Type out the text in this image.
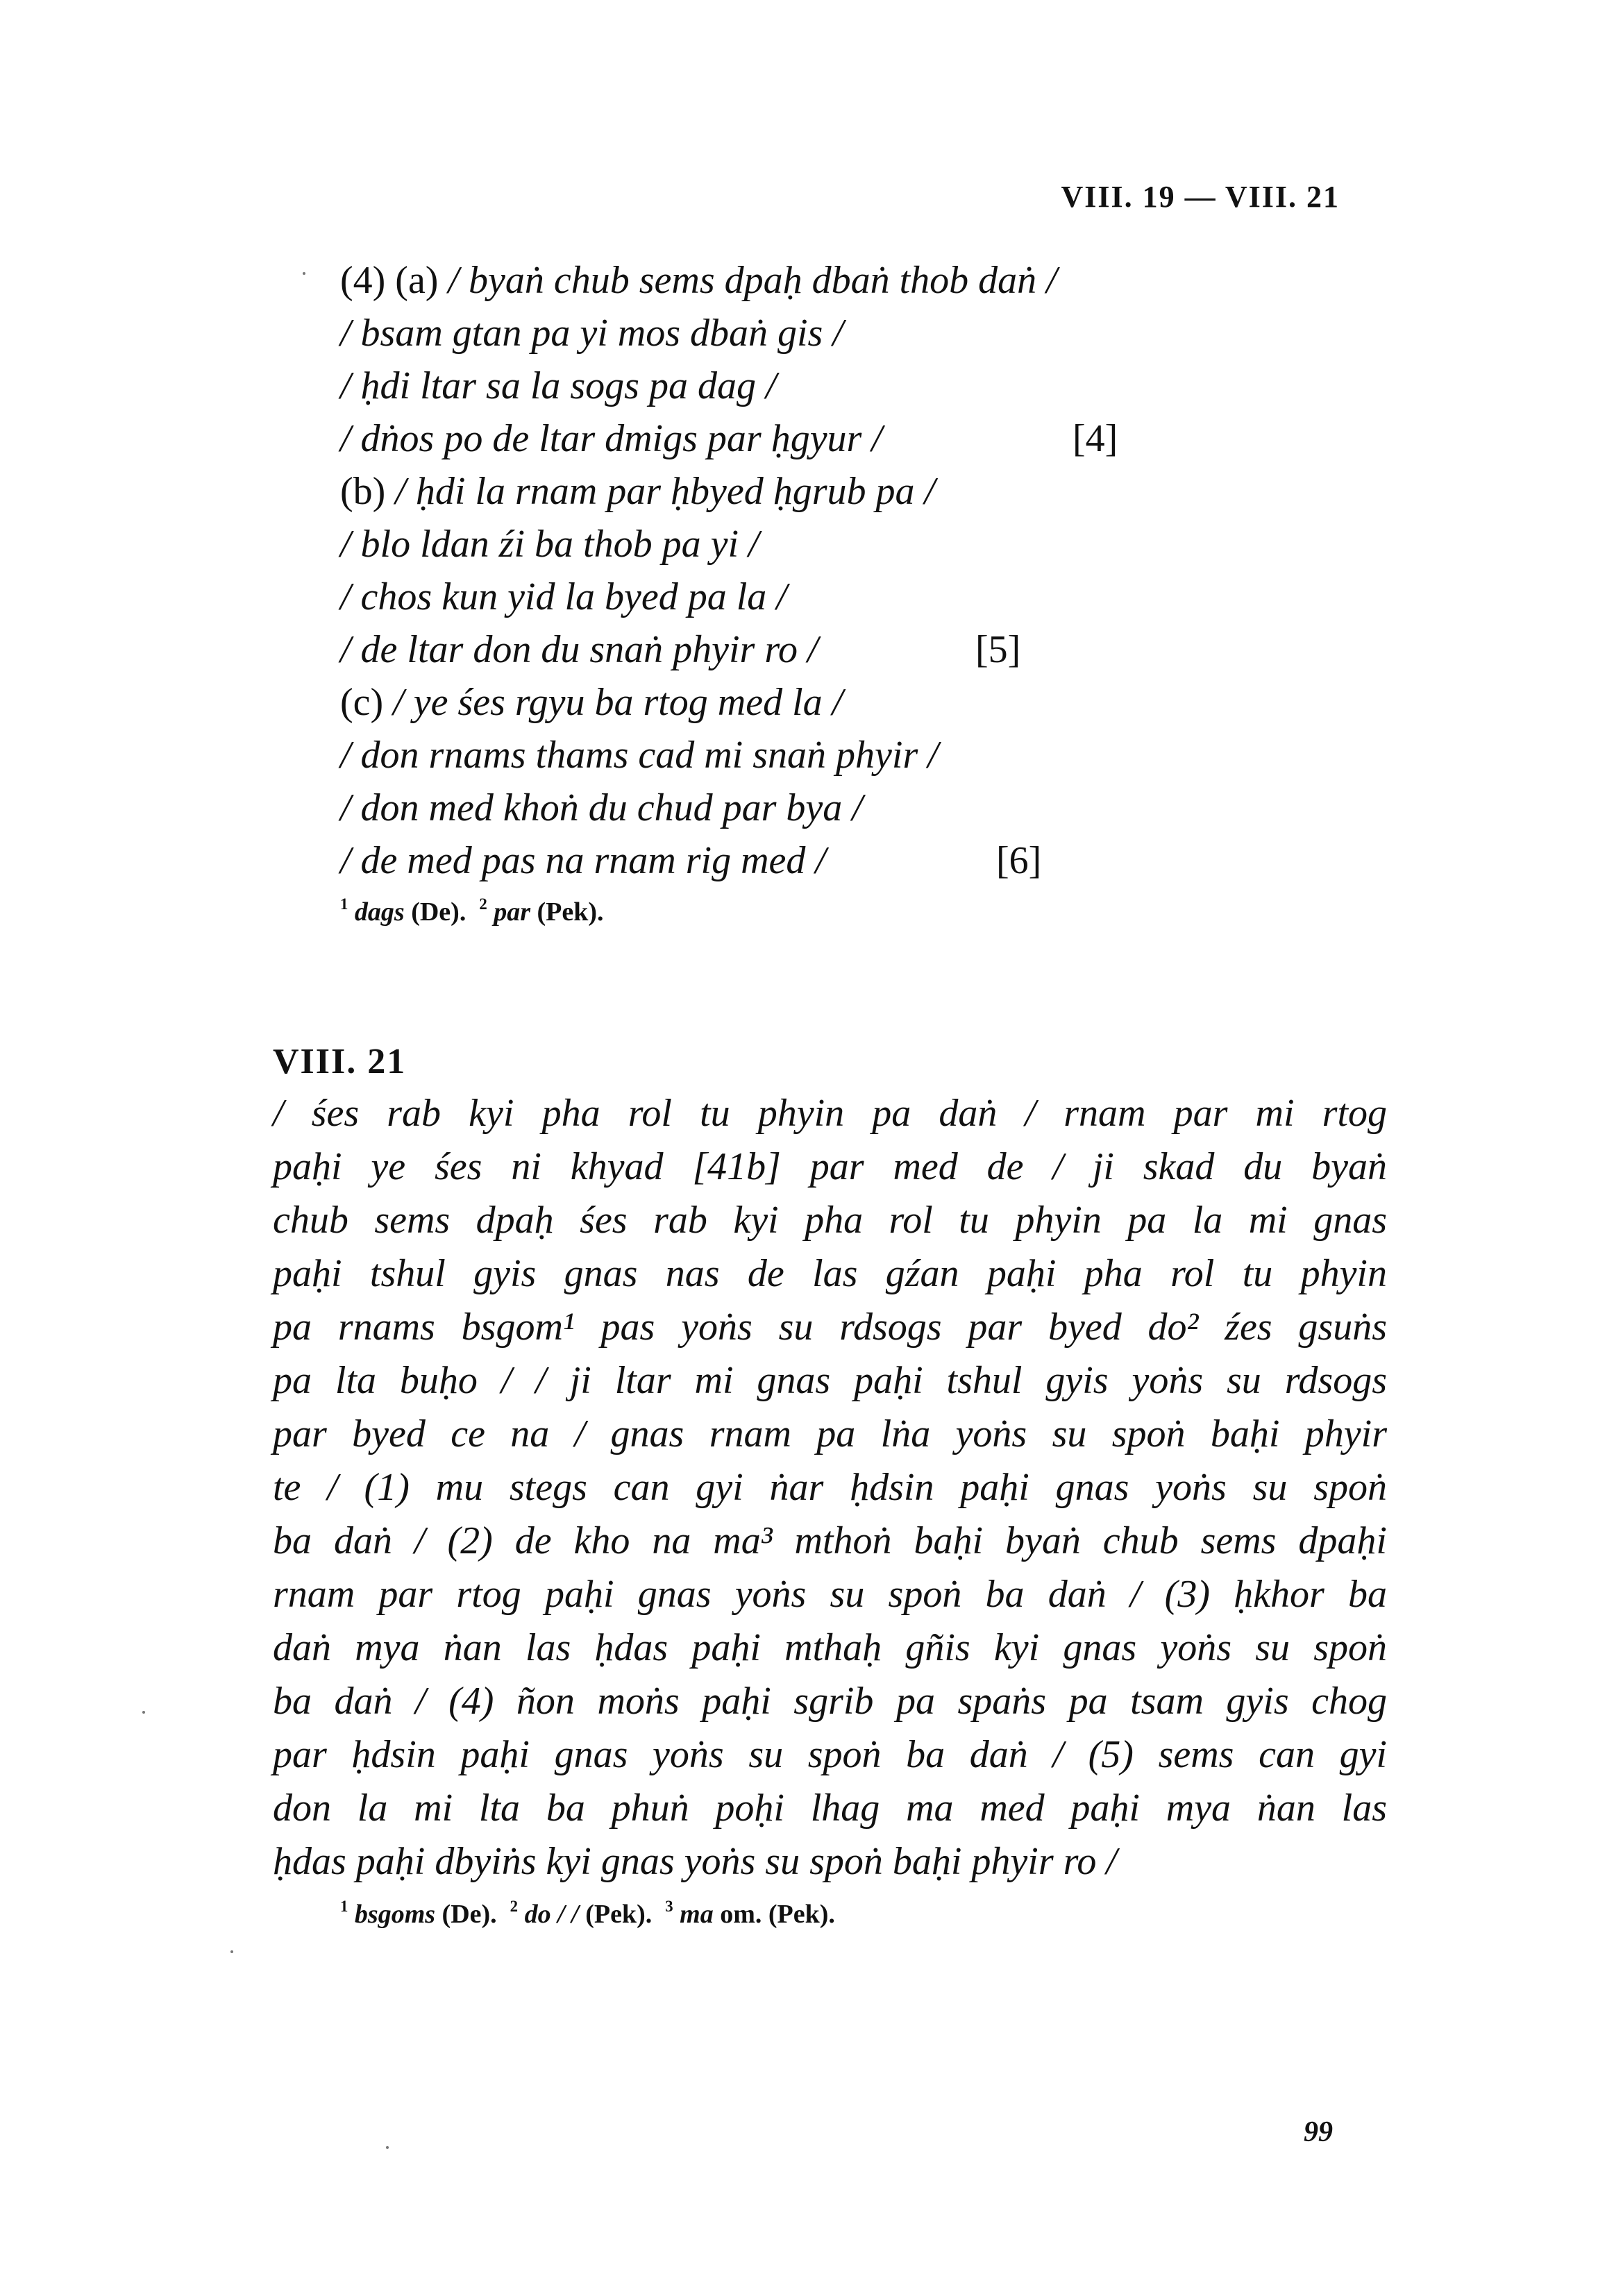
VIII. 19 — VIII. 21
(4) (a) / byaṅ chub sems dpaḥ dbaṅ thob daṅ /
/ bsam gtan pa yi mos dbaṅ gis /
/ ḥdi ltar sa la sogs pa dag /
/ dṅos po de ltar dmigs par ḥgyur /	[4]
(b) / ḥdi la rnam par ḥbyed ḥgrub pa /
/ blo ldan źi ba thob pa yi /
/ chos kun yid la byed pa la /
/ de ltar don du snaṅ phyir ro /	[5]
(c) / ye śes rgyu ba rtog med la /
/ don rnams thams cad mi snaṅ phyir /
/ don med khoṅ du chud par bya /
/ de med pas na rnam rig med /	[6]
$^1$ dags (De). $^2$ par (Pek).
VIII. 21
/ śes rab kyi pha rol tu phyin pa daṅ / rnam par mi rtog
paḥi ye śes ni khyad [41b] par med de / ji skad du byaṅ
chub sems dpaḥ śes rab kyi pha rol tu phyin pa la mi gnas
paḥi tshul gyis gnas nas de las gźan paḥi pha rol tu phyin
pa rnams bsgom¹ pas yoṅs su rdsogs par byed do² źes gsuṅs
pa lta buḥo / / ji ltar mi gnas paḥi tshul gyis yoṅs su rdsogs
par byed ce na / gnas rnam pa lṅa yoṅs su spoṅ baḥi phyir
te / (1) mu stegs can gyi ṅar ḥdsin paḥi gnas yoṅs su spoṅ
ba daṅ / (2) de kho na ma³ mthoṅ baḥi byaṅ chub sems dpaḥi
rnam par rtog paḥi gnas yoṅs su spoṅ ba daṅ / (3) ḥkhor ba
daṅ mya ṅan las ḥdas paḥi mthaḥ gñis kyi gnas yoṅs su spoṅ
ba daṅ / (4) ñon moṅs paḥi sgrib pa spaṅs pa tsam gyis chog
par ḥdsin paḥi gnas yoṅs su spoṅ ba daṅ / (5) sems can gyi
don la mi lta ba phuṅ poḥi lhag ma med paḥi mya ṅan las
ḥdas paḥi dbyiṅs kyi gnas yoṅs su spoṅ baḥi phyir ro /
$^1$ bsgoms (De). $^2$ do / / (Pek). $^3$ ma om. (Pek).
99
